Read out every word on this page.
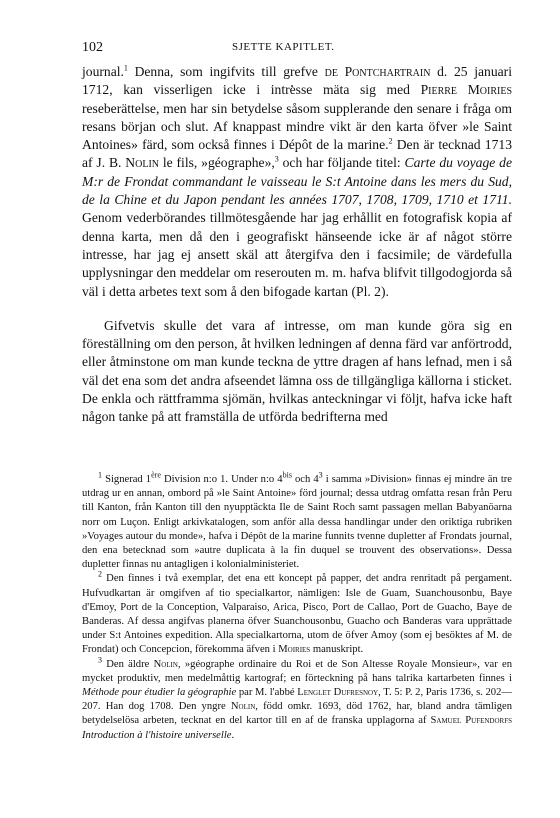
102	SJETTE KAPITLET.

journal.$^1$ Denna, som ingifvits till grefve de Pontchartrain d. 25 januari 1712, kan visserligen icke i intresse mäta sig med Pierre Moiries reseberättelse, men har sin betydelse såsom supplerande den senare i fråga om resans början och slut. Af knappast mindre vikt är den karta öfver »le Saint Antoines» färd, som också finnes i Dépôt de la marine.$^2$ Den är tecknad 1713 af J. B. Nolin le fils, »géographe»,$^3$ och har följande titel: Carte du voyage de M:r de Frondat commandant le vaisseau le S:t Antoine dans les mers du Sud, de la Chine et du Japon pendant les années 1707, 1708, 1709, 1710 et 1711. Genom vederbörandes tillmötesgående har jag erhållit en fotografisk kopia af denna karta, men då den i geografiskt hänseende icke är af något större intresse, har jag ej ansett skäl att återgifva den i facsimile; de värdefulla upplysningar den meddelar om reserouten m. m. hafva blifvit tillgodogjorda så väl i detta arbetes text som å den bifogade kartan (Pl. 2).

Gifvetvis skulle det vara af intresse, om man kunde göra sig en föreställning om den person, åt hvilken ledningen af denna färd var anförtrodd, eller åtminstone om man kunde teckna de yttre dragen af hans lefnad, men i så väl det ena som det andra afseendet lämna oss de tillgängliga källorna i sticket. De enkla och rättframma sjömän, hvilkas anteckningar vi följt, hafva icke haft någon tanke på att framställa de utförda bedrifterna med

$^1$ Signerad 1ère Division n:o 1. Under n:o $4^{bis}$ och $4^3$ i samma »Division» finnas ej mindre än tre utdrag ur en annan, ombord på »le Saint Antoine» förd journal; dessa utdrag omfatta resan från Peru till Kanton, från Kanton till den nyupptäckta Ile de Saint Roch samt passagen mellan Babyanöarna norr om Luçon. Enligt arkivkatalogen, som anför alla dessa handlingar under den oriktiga rubriken »Voyages autour du monde», hafva i Dépôt de la marine funnits tvenne dupletter af Frondats journal, den ena betecknad som »autre duplicata à la fin duquel se trouvent des observations». Dessa dupletter finnas nu antagligen i kolonialministeriet.

$^2$ Den finnes i två exemplar, det ena ett koncept på papper, det andra renritadt på pergament. Hufvudkartan är omgifven af tio specialkartor, nämligen: Isle de Guam, Suanchousonbu, Baye d'Emoy, Port de la Conception, Valparaiso, Arica, Pisco, Port de Callao, Port de Guacho, Baye de Banderas. Af dessa angifvas planerna öfver Suanchousonbu, Guacho och Banderas vara upprättade under S:t Antoines expedition. Alla specialkartorna, utom de öfver Amoy (som ej besöktes af M. de Frondat) och Concepcion, förekomma äfven i Moiries manuskript.

$^3$ Den äldre Nolin, »géographe ordinaire du Roi et de Son Altesse Royale Monsieur», var en mycket produktiv, men medelmåttig kartograf; en förteckning på hans talrika kartarbeten finnes i Méthode pour étudier la géographie par M. l'abbé Lenglet Dufresnoy, T. 5: P. 2, Paris 1736, s. 202—207. Han dog 1708. Den yngre Nolin, född omkr. 1693, död 1762, har, bland andra tämligen betydelselösa arbeten, tecknat en del kartor till en af de franska upplagorna af Samuel Pufendorfs Introduction à l'histoire universelle.
